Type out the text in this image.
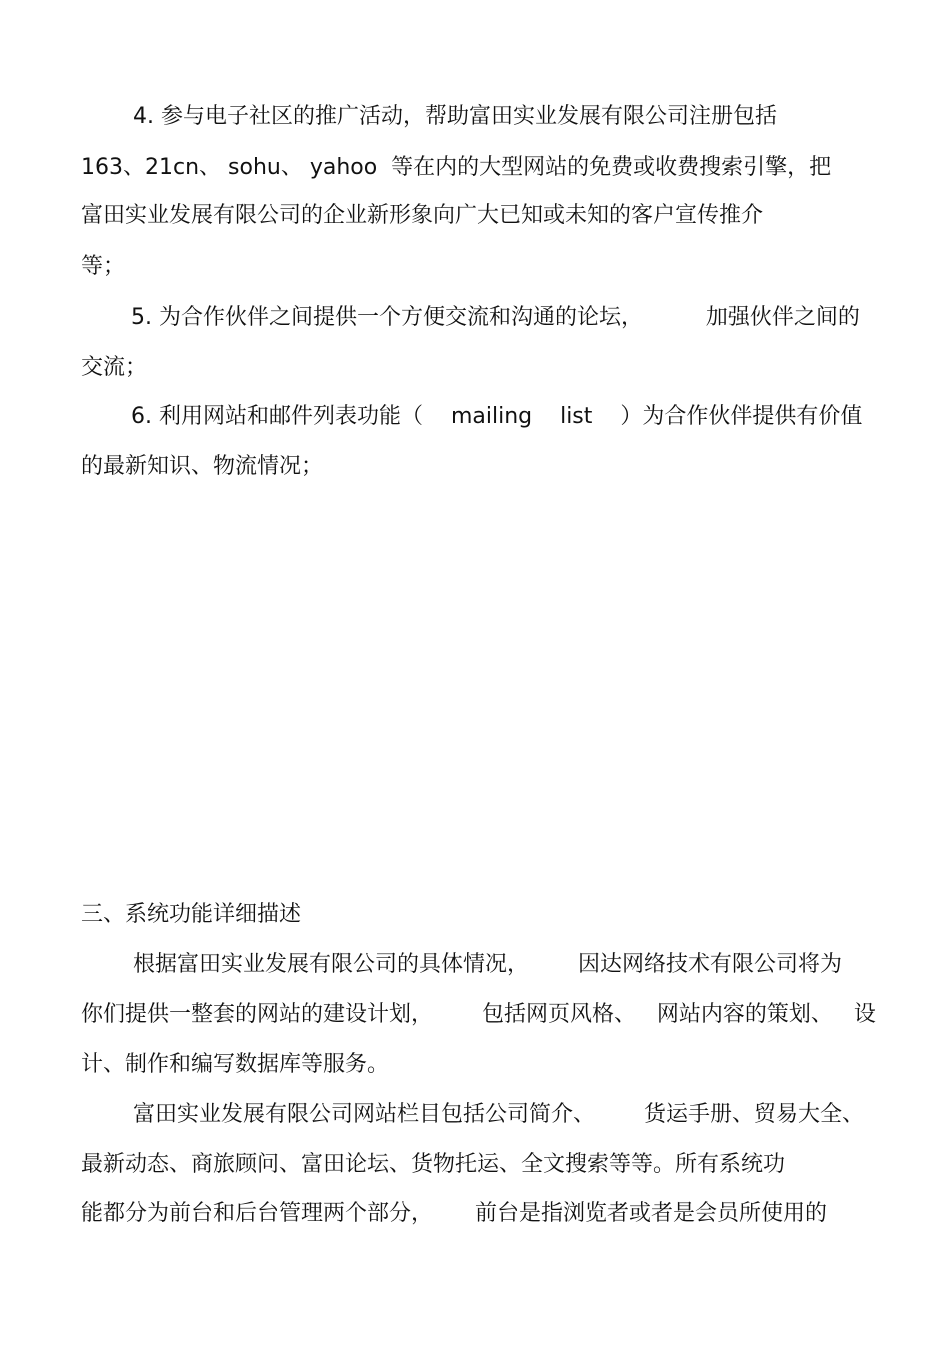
4. 参与电子社区的推广活动，帮助富田实业发展有限公司注册包括
163、21cn、 sohu、 yahoo  等在内的大型网站的免费或收费搜索引擎，把
富田实业发展有限公司的企业新形象向广大已知或未知的客户宣传推介
等；
5. 为合作伙伴之间提供一个方便交流和沟通的论坛，         加强伙伴之间的
交流；
6. 利用网站和邮件列表功能（    mailing    list    ）为合作伙伴提供有价值
的最新知识、物流情况；
三、系统功能详细描述
根据富田实业发展有限公司的具体情况，       因达网络技术有限公司将为
你们提供一整套的网站的建设计划，       包括网页风格、   网站内容的策划、   设
计、制作和编写数据库等服务。
富田实业发展有限公司网站栏目包括公司简介、       货运手册、贸易大全、
最新动态、商旅顾问、富田论坛、货物托运、全文搜索等等。所有系统功
能都分为前台和后台管理两个部分，      前台是指浏览者或者是会员所使用的
